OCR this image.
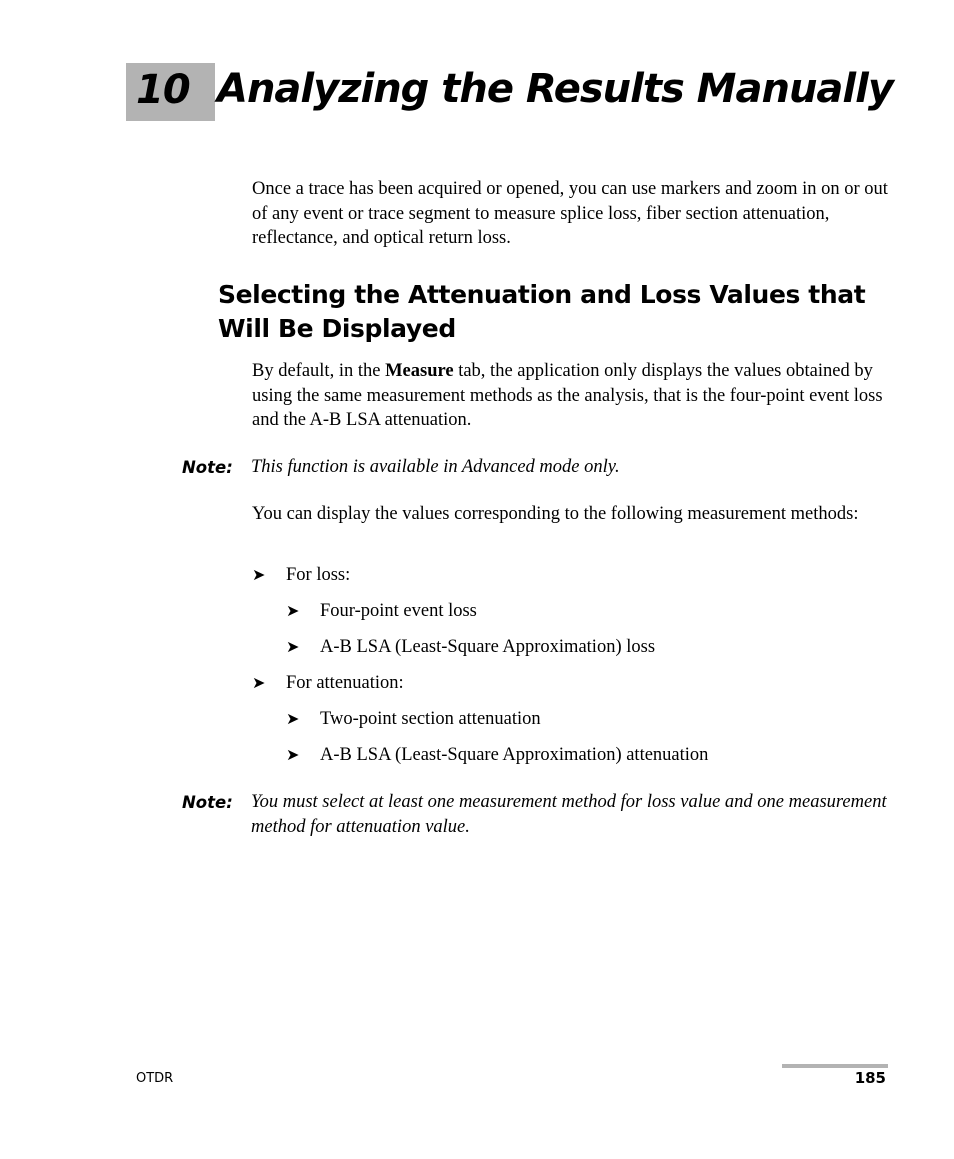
10 Analyzing the Results Manually

Once a trace has been acquired or opened, you can use markers and zoom in on or out of any event or trace segment to measure splice loss, fiber section attenuation, reflectance, and optical return loss.

Selecting the Attenuation and Loss Values that Will Be Displayed

By default, in the Measure tab, the application only displays the values obtained by using the same measurement methods as the analysis, that is the four-point event loss and the A-B LSA attenuation.

Note: This function is available in Advanced mode only.

You can display the values corresponding to the following measurement methods:

➤ For loss:
➤ Four-point event loss
➤ A-B LSA (Least-Square Approximation) loss
➤ For attenuation:
➤ Two-point section attenuation
➤ A-B LSA (Least-Square Approximation) attenuation
Note: You must select at least one measurement method for loss value and one measurement method for attenuation value.

OTDR	185
